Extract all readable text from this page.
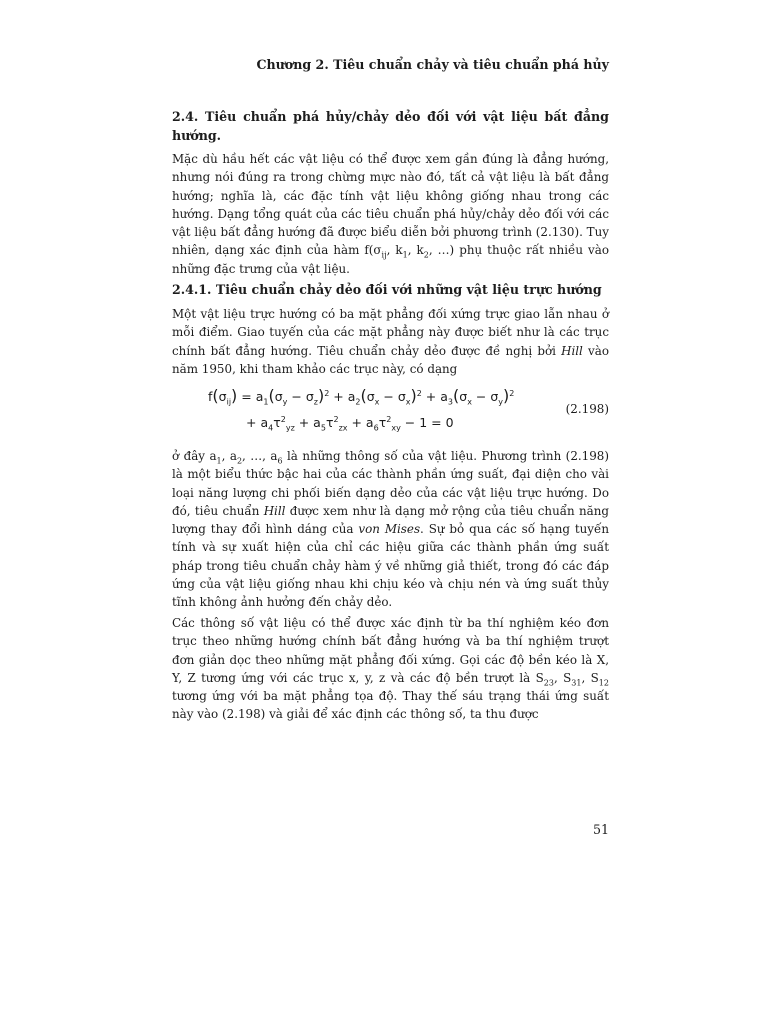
Chương 2. Tiêu chuẩn chảy và tiêu chuẩn phá hủy
2.4. Tiêu chuẩn phá hủy/chảy dẻo đối với vật liệu bất đẳng hướng.

Mặc dù hầu hết các vật liệu có thể được xem gần đúng là đẳng hướng, nhưng nói đúng ra trong chừng mực nào đó, tất cả vật liệu là bất đẳng hướng; nghĩa là, các đặc tính vật liệu không giống nhau trong các hướng. Dạng tổng quát của các tiêu chuẩn phá hủy/chảy dẻo đối với các vật liệu bất đẳng hướng đã được biểu diễn bởi phương trình (2.130). Tuy nhiên, dạng xác định của hàm $f(\sigma_{ij}$, $k_1$, $k_2$, …) phụ thuộc rất nhiều vào những đặc trưng của vật liệu.

2.4.1. Tiêu chuẩn chảy dẻo đối với những vật liệu trực hướng

Một vật liệu trực hướng có ba mặt phẳng đối xứng trực giao lẫn nhau ở mỗi điểm. Giao tuyến của các mặt phẳng này được biết như là các trục chính bất đẳng hướng. Tiêu chuẩn chảy dẻo được đề nghị bởi Hill vào năm 1950, khi tham khảo các trục này, có dạng

$f(\sigma_{ij}) = a_1(\sigma_y - \sigma_z)^2 + a_2(\sigma_x - \sigma_x)^2 + a_3(\sigma_x - \sigma_y)^2$
+ $a_4\tau^2_{yz} + a_5\tau^2_{zx} + a_6\tau^2_{xy} - 1 = 0$
(2.198)

ở đây $a_1$, $a_2$, …, $a_6$ là những thông số của vật liệu. Phương trình (2.198) là một biểu thức bậc hai của các thành phần ứng suất, đại diện cho vài loại năng lượng chi phối biến dạng dẻo của các vật liệu trực hướng. Do đó, tiêu chuẩn Hill được xem như là dạng mở rộng của tiêu chuẩn năng lượng thay đổi hình dáng của von Mises. Sự bỏ qua các số hạng tuyến tính và sự xuất hiện của chỉ các hiệu giữa các thành phần ứng suất pháp trong tiêu chuẩn chảy hàm ý về những giả thiết, trong đó các đáp ứng của vật liệu giống nhau khi chịu kéo và chịu nén và ứng suất thủy tĩnh không ảnh hưởng đến chảy dẻo.

Các thông số vật liệu có thể được xác định từ ba thí nghiệm kéo đơn trục theo những hướng chính bất đẳng hướng và ba thí nghiệm trượt đơn giản dọc theo những mặt phẳng đối xứng. Gọi các độ bền kéo là X, Y, Z tương ứng với các trục x, y, z và các độ bền trượt là $S_{23}$, $S_{31}$, $S_{12}$ tương ứng với ba mặt phẳng tọa độ. Thay thế sáu trạng thái ứng suất này vào (2.198) và giải để xác định các thông số, ta thu được

51
